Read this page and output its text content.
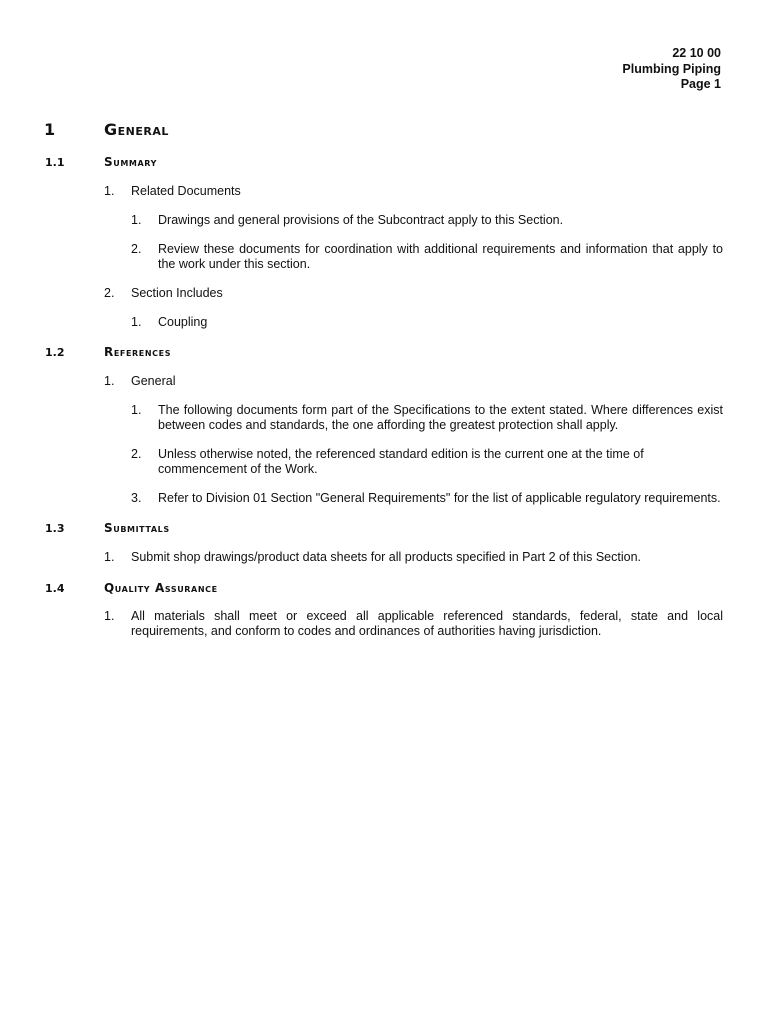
22 10 00
Plumbing Piping
Page 1
1	General
1.1	Summary
1. Related Documents
1. Drawings and general provisions of the Subcontract apply to this Section.
2. Review these documents for coordination with additional requirements and information that apply to the work under this section.
2. Section Includes
1. Coupling
1.2	References
1. General
1. The following documents form part of the Specifications to the extent stated. Where differences exist between codes and standards, the one affording the greatest protection shall apply.
2. Unless otherwise noted, the referenced standard edition is the current one at the time of commencement of the Work.
3. Refer to Division 01 Section "General Requirements" for the list of applicable regulatory requirements.
1.3	Submittals
1. Submit shop drawings/product data sheets for all products specified in Part 2 of this Section.
1.4	Quality Assurance
1. All materials shall meet or exceed all applicable referenced standards, federal, state and local requirements, and conform to codes and ordinances of authorities having jurisdiction.
